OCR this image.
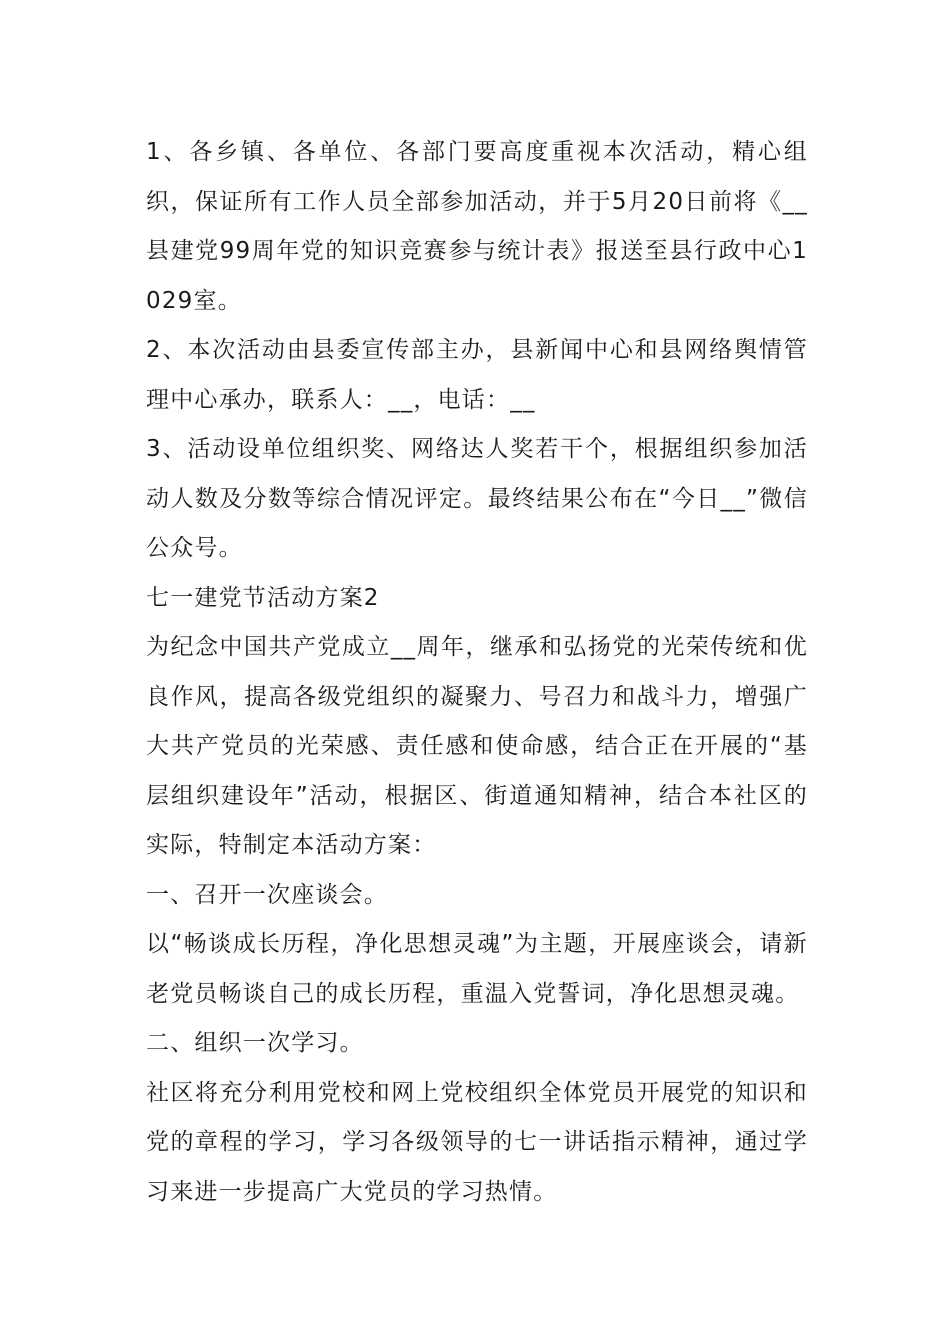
1、各乡镇、各单位、各部门要高度重视本次活动，精心组织，保证所有工作人员全部参加活动，并于5月20日前将《__县建党99周年党的知识竞赛参与统计表》报送至县行政中心1029室。

2、本次活动由县委宣传部主办，县新闻中心和县网络舆情管理中心承办，联系人：__，电话：__

3、活动设单位组织奖、网络达人奖若干个，根据组织参加活动人数及分数等综合情况评定。最终结果公布在“今日__”微信公众号。

七一建党节活动方案2

为纪念中国共产党成立__周年，继承和弘扬党的光荣传统和优良作风，提高各级党组织的凝聚力、号召力和战斗力，增强广大共产党员的光荣感、责任感和使命感，结合正在开展的“基层组织建设年”活动，根据区、街道通知精神，结合本社区的实际，特制定本活动方案：

一、召开一次座谈会。

以“畅谈成长历程，净化思想灵魂”为主题，开展座谈会，请新老党员畅谈自己的成长历程，重温入党誓词，净化思想灵魂。

二、组织一次学习。

社区将充分利用党校和网上党校组织全体党员开展党的知识和党的章程的学习，学习各级领导的七一讲话指示精神，通过学习来进一步提高广大党员的学习热情。
